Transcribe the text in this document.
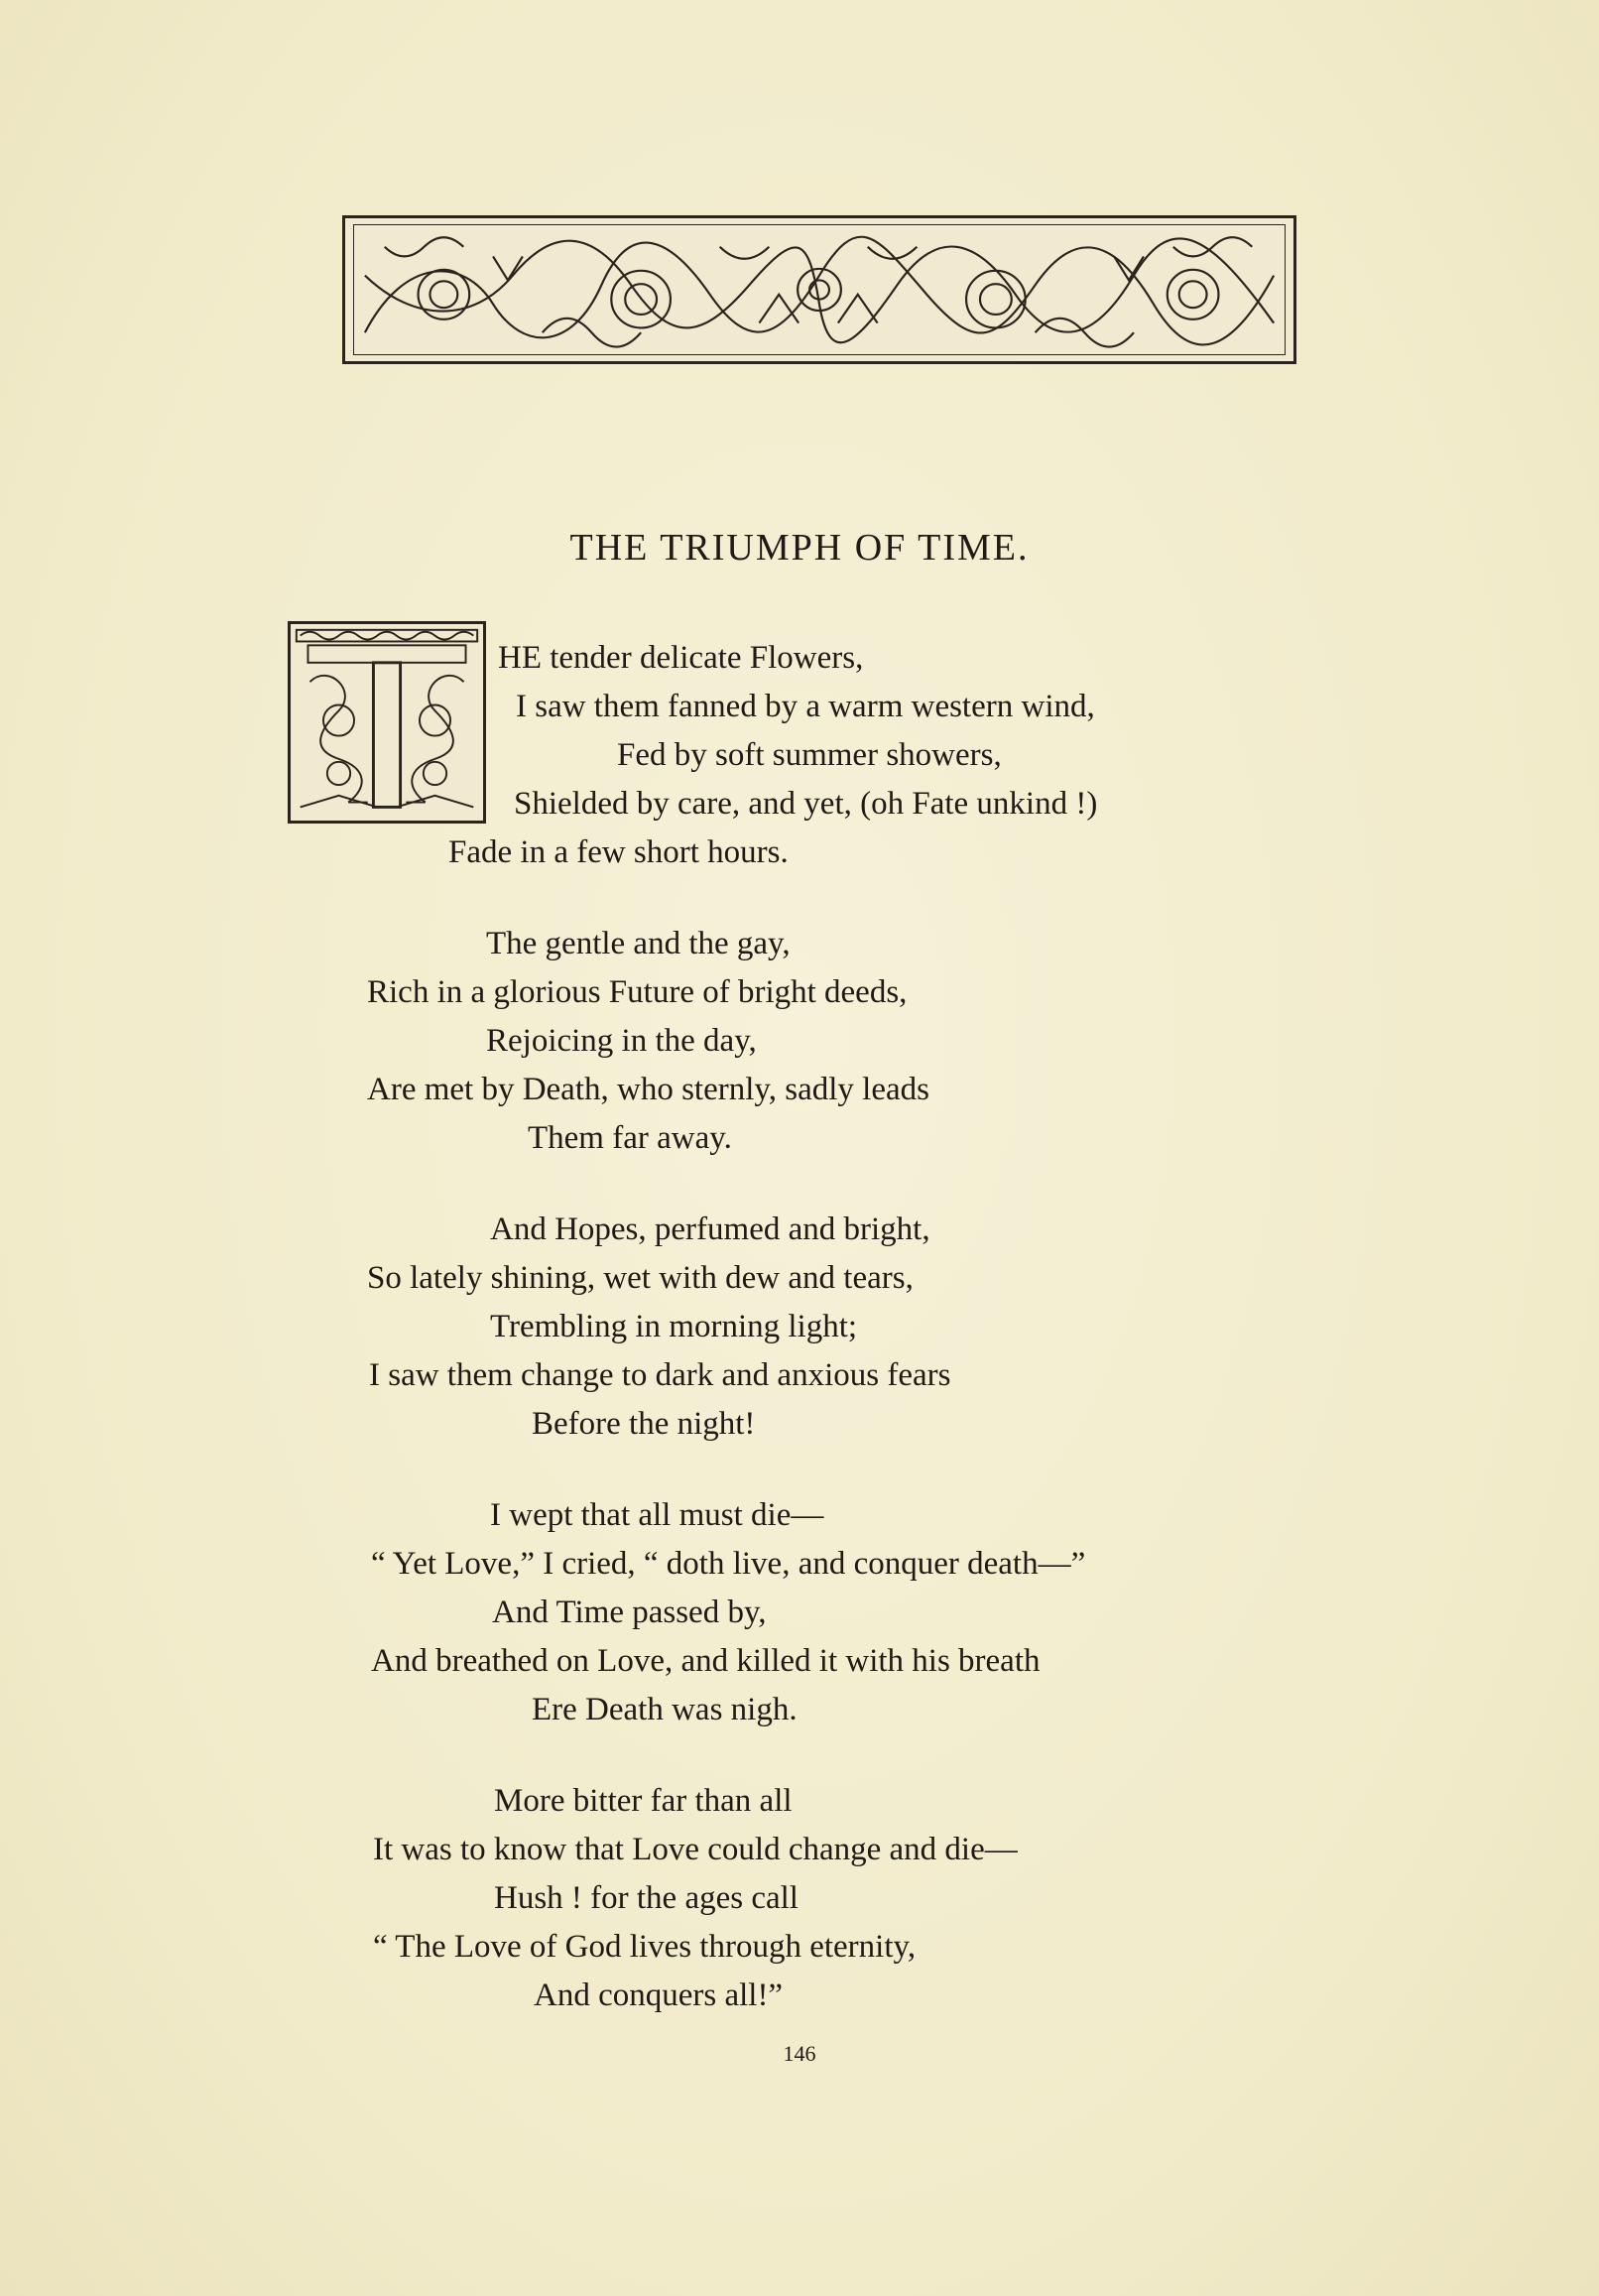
THE TRIUMPH OF TIME.
HE tender delicate Flowers,
I saw them fanned by a warm western wind,
Fed by soft summer showers,
Shielded by care, and yet, (oh Fate unkind !)
Fade in a few short hours.
The gentle and the gay,
Rich in a glorious Future of bright deeds,
Rejoicing in the day,
Are met by Death, who sternly, sadly leads
Them far away.
And Hopes, perfumed and bright,
So lately shining, wet with dew and tears,
Trembling in morning light;
I saw them change to dark and anxious fears
Before the night!
I wept that all must die—
“ Yet Love,” I cried, “ doth live, and conquer death—”
And Time passed by,
And breathed on Love, and killed it with his breath
Ere Death was nigh.
More bitter far than all
It was to know that Love could change and die—
Hush ! for the ages call
“ The Love of God lives through eternity,
And conquers all!”
146
